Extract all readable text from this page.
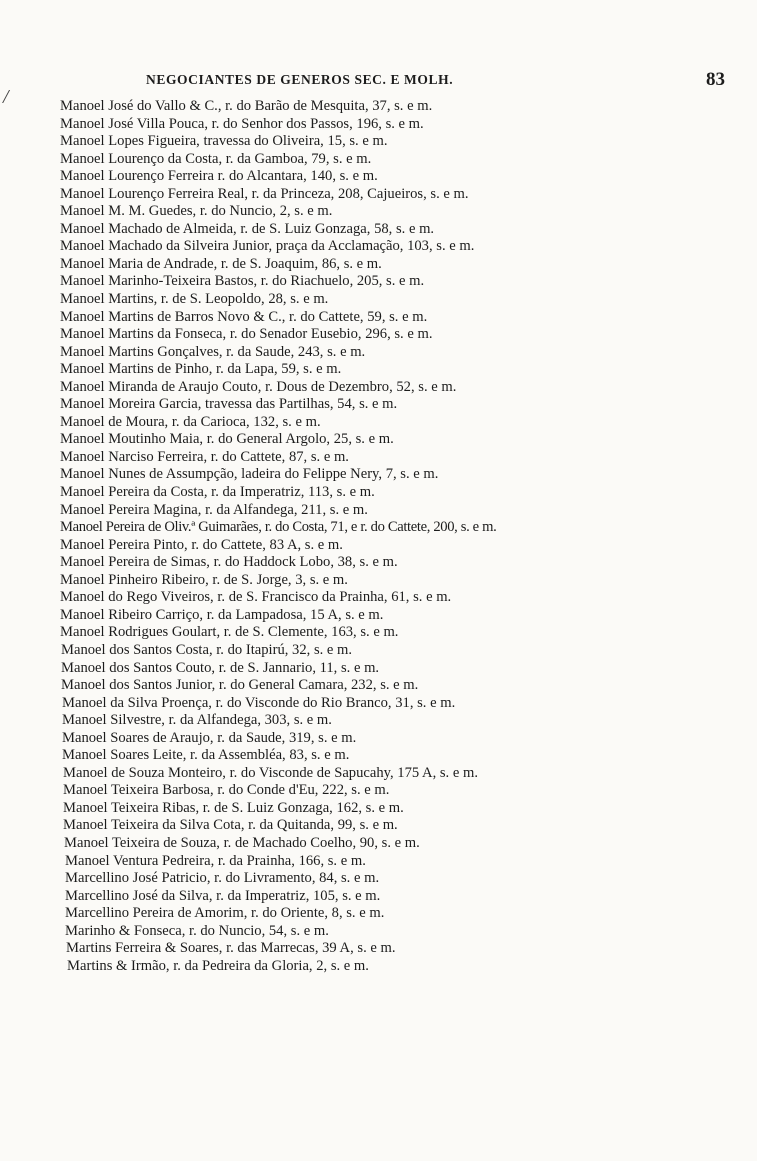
NEGOCIANTES DE GENEROS SEC. E MOLH.	83
/	Manoel José do Vallo & C., r. do Barão de Mesquita, 37, s. e m.
Manoel José Villa Pouca, r. do Senhor dos Passos, 196, s. e m.
Manoel Lopes Figueira, travessa do Oliveira, 15, s. e m.
Manoel Lourenço da Costa, r. da Gamboa, 79, s. e m.
Manoel Lourenço Ferreira r. do Alcantara, 140, s. e m.
Manoel Lourenço Ferreira Real, r. da Princeza, 208, Cajueiros, s. e m.
Manoel M. M. Guedes, r. do Nuncio, 2, s. e m.
Manoel Machado de Almeida, r. de S. Luiz Gonzaga, 58, s. e m.
Manoel Machado da Silveira Junior, praça da Acclamação, 103, s. e m.
Manoel Maria de Andrade, r. de S. Joaquim, 86, s. e m.
Manoel Marinho-Teixeira Bastos, r. do Riachuelo, 205, s. e m.
Manoel Martins, r. de S. Leopoldo, 28, s. e m.
Manoel Martins de Barros Novo & C., r. do Cattete, 59, s. e m.
Manoel Martins da Fonseca, r. do Senador Eusebio, 296, s. e m.
Manoel Martins Gonçalves, r. da Saude, 243, s. e m.
Manoel Martins de Pinho, r. da Lapa, 59, s. e m.
Manoel Miranda de Araujo Couto, r. Dous de Dezembro, 52, s. e m.
Manoel Moreira Garcia, travessa das Partilhas, 54, s. e m.
Manoel de Moura, r. da Carioca, 132, s. e m.
Manoel Moutinho Maia, r. do General Argolo, 25, s. e m.
Manoel Narciso Ferreira, r. do Cattete, 87, s. e m.
Manoel Nunes de Assumpção, ladeira do Felippe Nery, 7, s. e m.
Manoel Pereira da Costa, r. da Imperatriz, 113, s. e m.
Manoel Pereira Magina, r. da Alfandega, 211, s. e m.
Manoel Pereira de Oliv.ª Guimarães, r. do Costa, 71, e r. do Cattete, 200, s. e m.
Manoel Pereira Pinto, r. do Cattete, 83 A, s. e m.
Manoel Pereira de Simas, r. do Haddock Lobo, 38, s. e m.
Manoel Pinheiro Ribeiro, r. de S. Jorge, 3, s. e m.
Manoel do Rego Viveiros, r. de S. Francisco da Prainha, 61, s. e m.
Manoel Ribeiro Carriço, r. da Lampadosa, 15 A, s. e m.
Manoel Rodrigues Goulart, r. de S. Clemente, 163, s. e m.
Manoel dos Santos Costa, r. do Itapirú, 32, s. e m.
Manoel dos Santos Couto, r. de S. Jannario, 11, s. e m.
Manoel dos Santos Junior, r. do General Camara, 232, s. e m.
Manoel da Silva Proença, r. do Visconde do Rio Branco, 31, s. e m.
Manoel Silvestre, r. da Alfandega, 303, s. e m.
Manoel Soares de Araujo, r. da Saude, 319, s. e m.
Manoel Soares Leite, r. da Assembléa, 83, s. e m.
Manoel de Souza Monteiro, r. do Visconde de Sapucahy, 175 A, s. e m.
Manoel Teixeira Barbosa, r. do Conde d'Eu, 222, s. e m.
Manoel Teixeira Ribas, r. de S. Luiz Gonzaga, 162, s. e m.
Manoel Teixeira da Silva Cota, r. da Quitanda, 99, s. e m.
Manoel Teixeira de Souza, r. de Machado Coelho, 90, s. e m.
Manoel Ventura Pedreira, r. da Prainha, 166, s. e m.
Marcellino José Patricio, r. do Livramento, 84, s. e m.
Marcellino José da Silva, r. da Imperatriz, 105, s. e m.
Marcellino Pereira de Amorim, r. do Oriente, 8, s. e m.
Marinho & Fonseca, r. do Nuncio, 54, s. e m.
Martins Ferreira & Soares, r. das Marrecas, 39 A, s. e m.
Martins & Irmão, r. da Pedreira da Gloria, 2, s. e m.
